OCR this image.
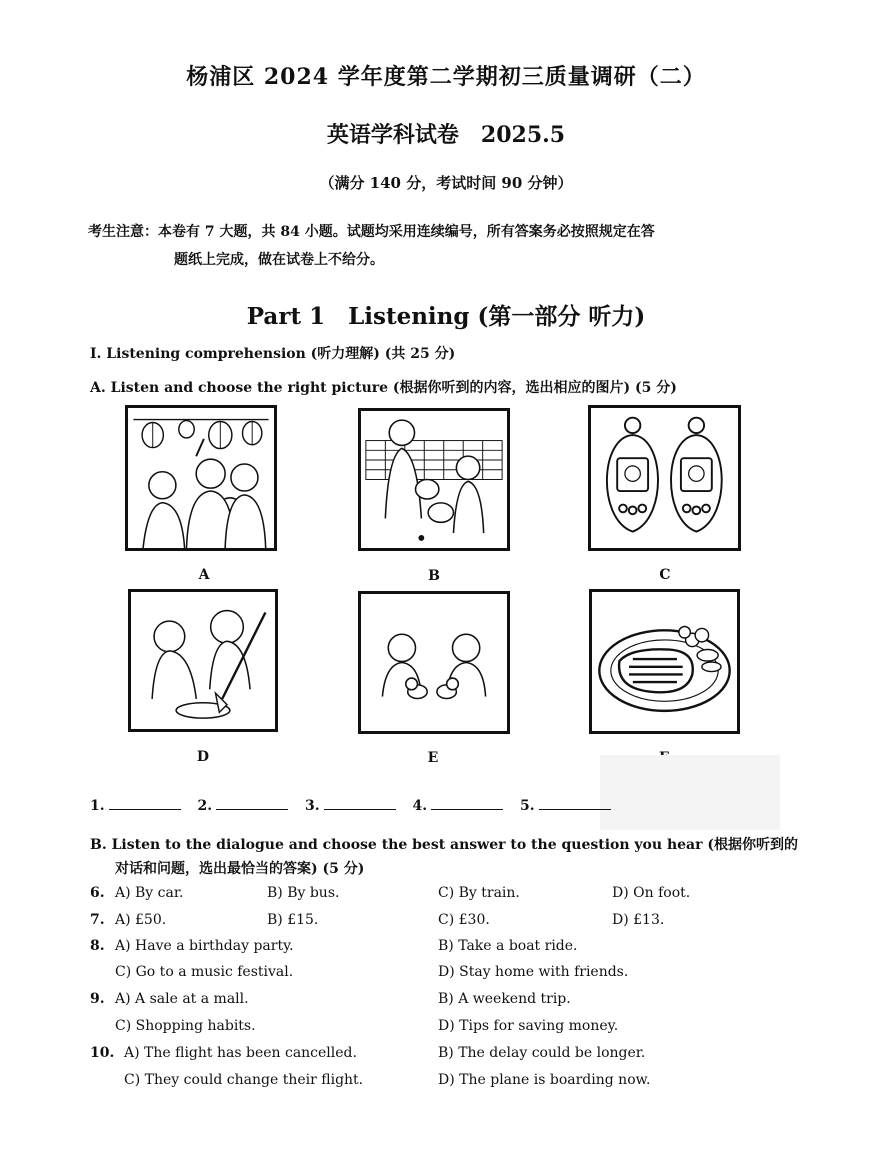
杨浦区 2024 学年度第二学期初三质量调研（二）
英语学科试卷　2025.5
（满分 140 分，考试时间 90 分钟）
考生注意：本卷有 7 大题，共 84 小题。试题均采用连续编号，所有答案务必按照规定在答
题纸上完成，做在试卷上不给分。
Part 1　Listening (第一部分 听力)
I. Listening comprehension (听力理解) (共 25 分)
A. Listen and choose the right picture (根据你听到的内容，选出相应的图片) (5 分)
A	B	C
D	E
1.	2.	3.	4.	5.
B. Listen to the dialogue and choose the best answer to the question you hear (根据你听到的
对话和问题，选出最恰当的答案) (5 分)
6. A) By car.	B) By bus.	C) By train.	D) On foot.
7. A) £50.	B) £15.	C) £30.	D) £13.
8. A) Have a birthday party.	B) Take a boat ride.
C) Go to a music festival.	D) Stay home with friends.
9. A) A sale at a mall.	B) A weekend trip.
C) Shopping habits.	D) Tips for saving money.
10. A) The flight has been cancelled.	B) The delay could be longer.
C) They could change their flight.	D) The plane is boarding now.
